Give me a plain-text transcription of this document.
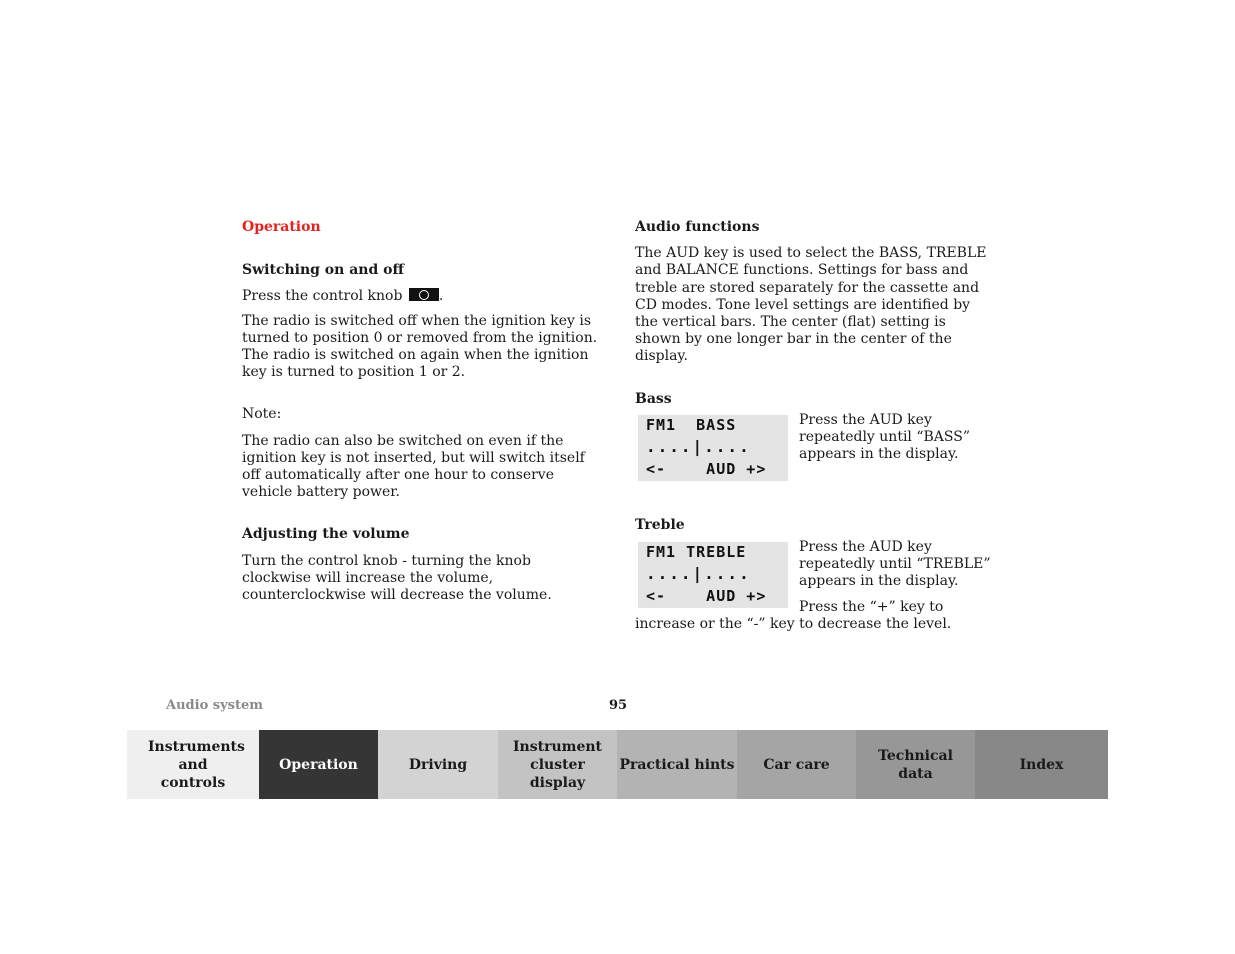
Operation
Switching on and off

Press the control knob	.

The radio is switched off when the ignition key is turned to position 0 or removed from the ignition. The radio is switched on again when the ignition key is turned to position 1 or 2.

Note:

The radio can also be switched on even if the ignition key is not inserted, but will switch itself off automatically after one hour to conserve vehicle battery power.

Adjusting the volume

Turn the control knob - turning the knob clockwise will increase the volume, counterclockwise will decrease the volume.

Audio functions

The AUD key is used to select the BASS, TREBLE and BALANCE functions. Settings for bass and treble are stored separately for the cassette and CD modes. Tone level settings are identified by the vertical bars. The center (flat) setting is shown by one longer bar in the center of the display.

Bass
FM1  BASS
....|....
<-    AUD +>
Press the AUD key repeatedly until “BASS” appears in the display.
Treble
FM1 TREBLE
....|....
<-    AUD +>
Press the AUD key repeatedly until “TREBLE” appears in the display.

Press the “+” key to increase or the “-” key to decrease the level.

Audio system	95
Instruments and controls
Operation	Driving
Instrument cluster display
Practical hints Car care
Technical data
Index
